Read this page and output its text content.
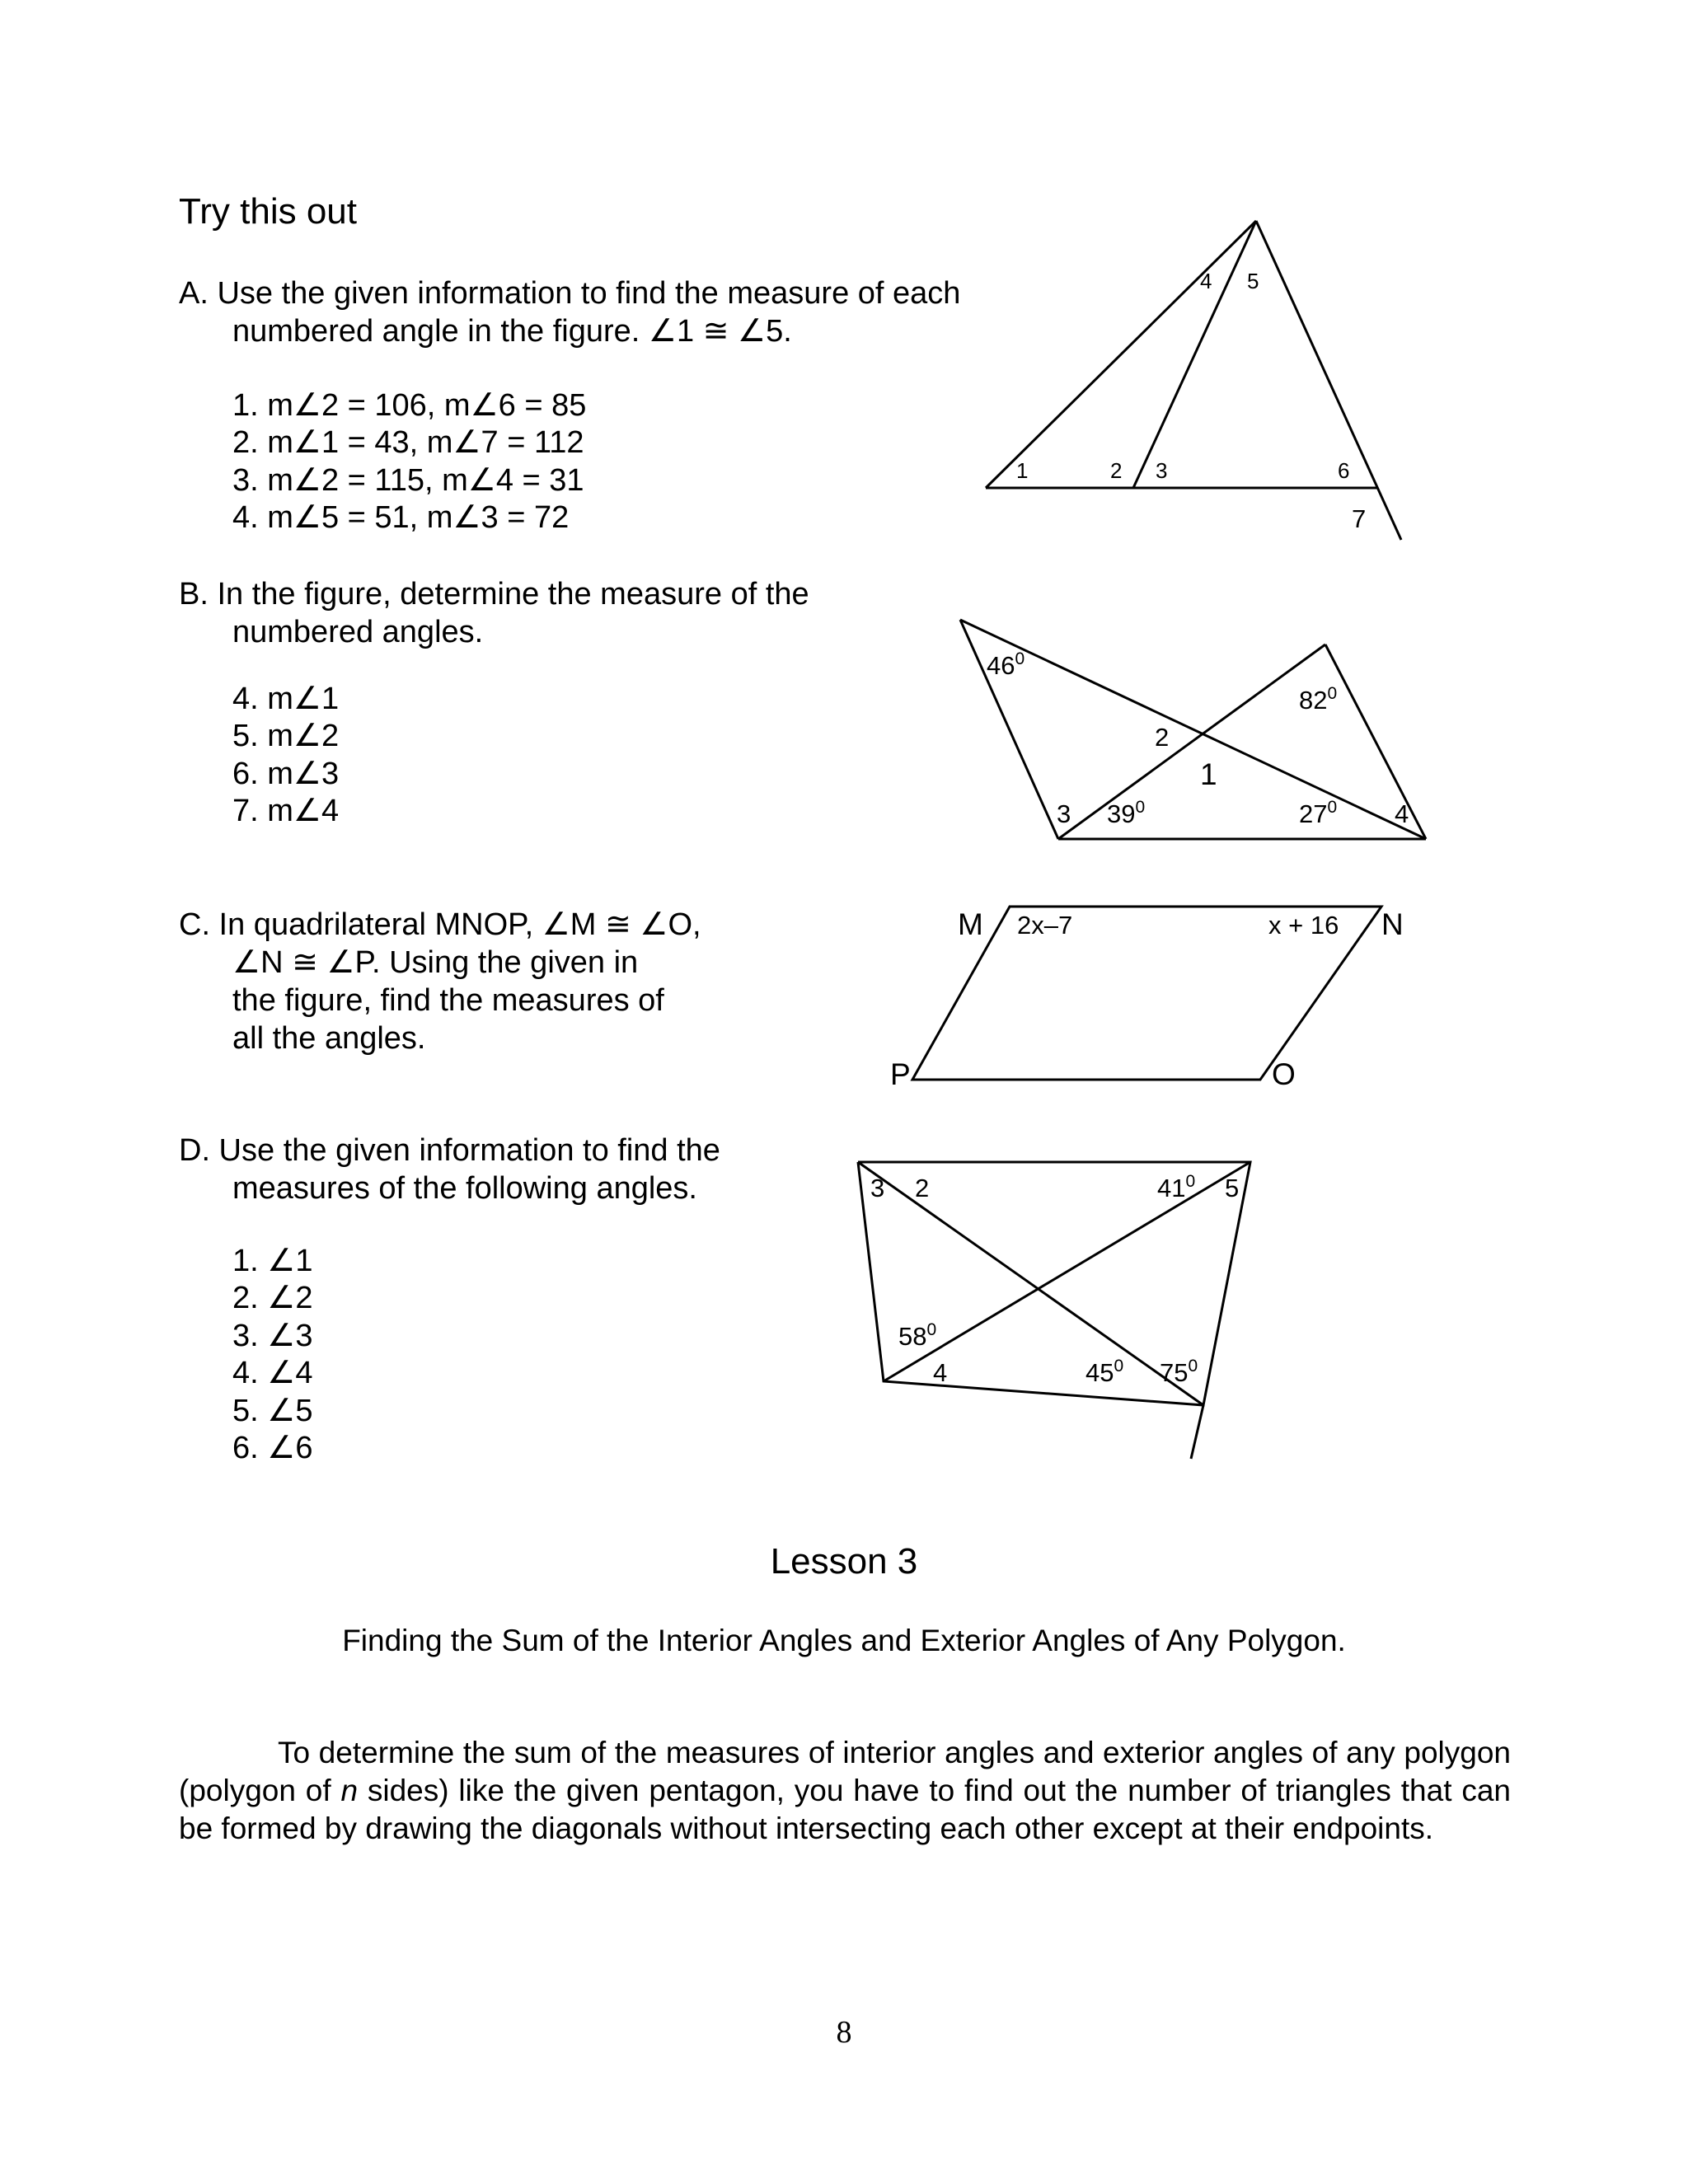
Try this out
A. Use the given information to find the measure of each
numbered angle in the figure. ∠1 ≅ ∠5.
1. m∠2 = 106, m∠6 = 85
2. m∠1 = 43, m∠7 = 112
3. m∠2 = 115, m∠4 = 31
4. m∠5 = 51, m∠3 = 72
B. In the figure, determine the measure of the
numbered angles.
4. m∠1
5. m∠2
6. m∠3
7. m∠4
C. In quadrilateral MNOP, ∠M ≅ ∠O,
∠N ≅ ∠P. Using the given in
the figure, find the measures of
all the angles.
D. Use the given information to find the
measures of the following angles.
1. ∠1
2. ∠2
3. ∠3
4. ∠4
5. ∠5
6. ∠6
1	2 3
4 5
6
7
$46^0$
$82^0$
2
1
3 $39^0$	$27^0$ 4
M	N
O
P
2x–7	x + 16
3 2	$41^0$ 5
$58^0$
4	$45^0$ $75^0$
Lesson 3
Finding the Sum of the Interior Angles and Exterior Angles of Any Polygon.

To determine the sum of the measures of interior angles and exterior angles of any polygon (polygon of n sides) like the given pentagon, you have to find out the number of triangles that can be formed by drawing the diagonals without intersecting each other except at their endpoints.

8
